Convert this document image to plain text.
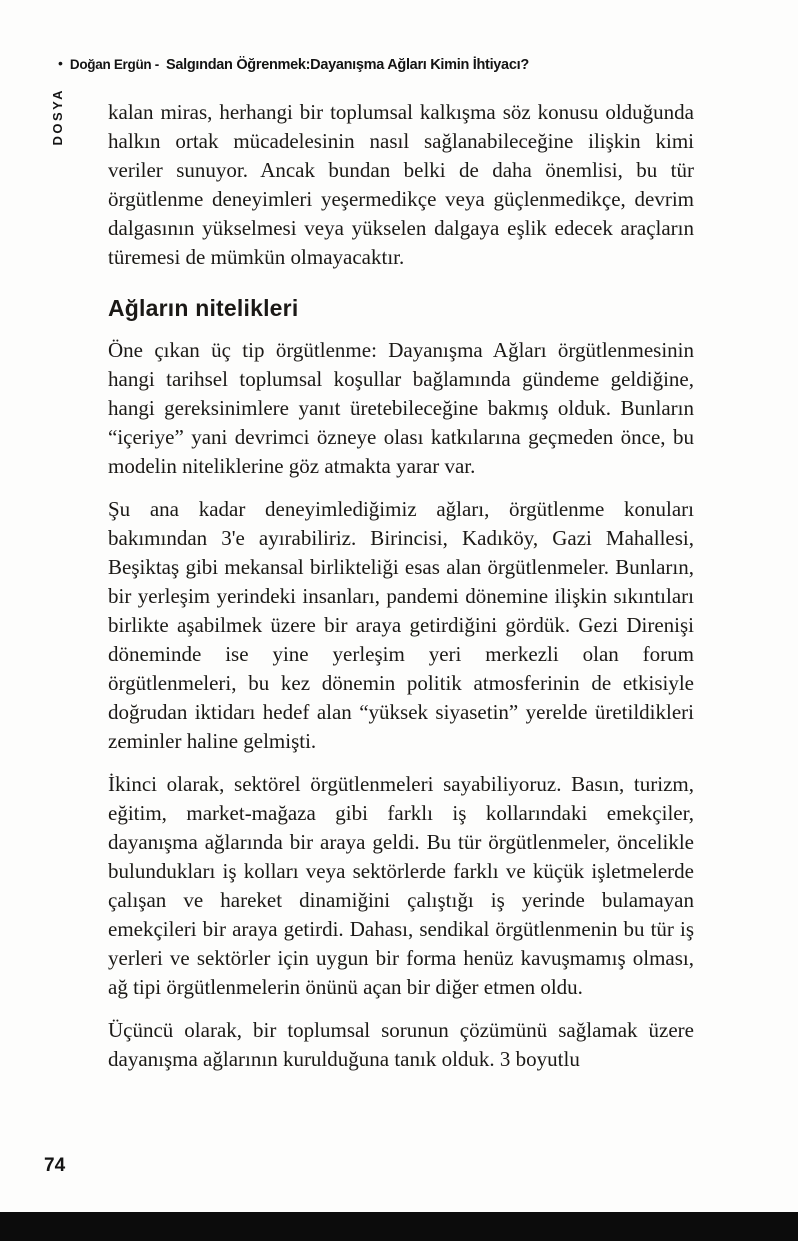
• Doğan Ergün - Salgından Öğrenmek:Dayanışma Ağları Kimin İhtiyacı?
DOSYA kalan miras, herhangi bir toplumsal kalkışma söz konusu olduğunda halkın ortak mücadelesinin nasıl sağlanabileceğine ilişkin kimi veriler sunuyor. Ancak bundan belki de daha önemlisi, bu tür örgütlenme deneyimleri yeşermedikçe veya güçlenmedikçe, devrim dalgasının yükselmesi veya yükselen dalgaya eşlik edecek araçların türemesi de mümkün olmayacaktır.

Ağların nitelikleri

Öne çıkan üç tip örgütlenme: Dayanışma Ağları örgütlenmesinin hangi tarihsel toplumsal koşullar bağlamında gündeme geldiğine, hangi gereksinimlere yanıt üretebileceğine bakmış olduk. Bunların “içeriye” yani devrimci özneye olası katkılarına geçmeden önce, bu modelin niteliklerine göz atmakta yarar var.

Şu ana kadar deneyimlediğimiz ağları, örgütlenme konuları bakımından 3'e ayırabiliriz. Birincisi, Kadıköy, Gazi Mahallesi, Beşiktaş gibi mekansal birlikteliği esas alan örgütlenmeler. Bunların, bir yerleşim yerindeki insanları, pandemi dönemine ilişkin sıkıntıları birlikte aşabilmek üzere bir araya getirdiğini gördük. Gezi Direnişi döneminde ise yine yerleşim yeri merkezli olan forum örgütlenmeleri, bu kez dönemin politik atmosferinin de etkisiyle doğrudan iktidarı hedef alan “yüksek siyasetin” yerelde üretildikleri zeminler haline gelmişti.

İkinci olarak, sektörel örgütlenmeleri sayabiliyoruz. Basın, turizm, eğitim, market-mağaza gibi farklı iş kollarındaki emekçiler, dayanışma ağlarında bir araya geldi. Bu tür örgütlenmeler, öncelikle bulundukları iş kolları veya sektörlerde farklı ve küçük işletmelerde çalışan ve hareket dinamiğini çalıştığı iş yerinde bulamayan emekçileri bir araya getirdi. Dahası, sendikal örgütlenmenin bu tür iş yerleri ve sektörler için uygun bir forma henüz kavuşmamış olması, ağ tipi örgütlenmelerin önünü açan bir diğer etmen oldu.

Üçüncü olarak, bir toplumsal sorunun çözümünü sağlamak üzere dayanışma ağlarının kurulduğuna tanık olduk. 3 boyutlu

74
